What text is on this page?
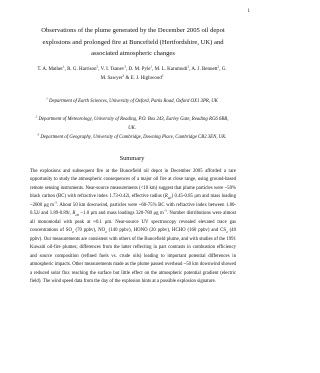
1
Observations of the plume generated by the December 2005 oil depot explosions and prolonged fire at Buncefield (Hertfordshire, UK) and associated atmospheric changes
T. A. Mather$^1$, R. G. Harrison$^2$, V. I. Tsanev$^3$, D. M. Pyle$^1$, M. L. Karumudi$^2$, A. J. Bennett$^2$, G. M. Sawyer$^3$ & E. J. Highwood$^2$
$^1$ Department of Earth Sciences, University of Oxford, Parks Road, Oxford OX1 3PR, UK
$^2$ Department of Meteorology, University of Reading, P.O. Box 243, Earley Gate, Reading RG6 6BB, UK.
$^3$ Department of Geography, University of Cambridge, Downing Place, Cambridge CB2 3EN, UK.
Summary

The explosions and subsequent fire at the Buncefield oil depot in December 2005 afforded a rare opportunity to study the atmospheric consequences of a major oil fire at close range, using ground-based remote sensing instruments. Near-source measurements (<10 km) suggest that plume particles were ~50% black carbon (BC) with refractive index 1.73-0.42i, effective radius $(R_{eff})$ 0.45-0.85 μm and mass loading ~2000 μg $m^{-3}$. About 50 km downwind, particles were ~60-75% BC with refractive index between 1.80-0.52i and 1.89-0.89i, $R_{eff}$ ~1.0 μm and mass loadings 320-780 μg $m^{-3}$. Number distributions were almost all monomodal with peak at ≈0.1 μm. Near-source UV spectroscopy revealed elevated trace gas concentrations of $SO_2$ (70 ppbv), $NO_2$ (140 ppbv), HONO (20 ppbv), HCHO (160 ppbv) and $CS_2$ (40 ppbv). Our measurements are consistent with others of the Buncefield plume, and with studies of the 1991 Kuwaiti oil-fire plumes; differences from the latter reflecting in part contrasts in combustion efficiency and source composition (refined fuels vs. crude oils) leading to important potential differences in atmospheric impacts. Other measurements made as the plume passed overhead ~50 km downwind showed a reduced solar flux reaching the surface but little effect on the atmospheric potential gradient (electric field). The wind speed data from the day of the explosion hints at a possible explosion signature.
